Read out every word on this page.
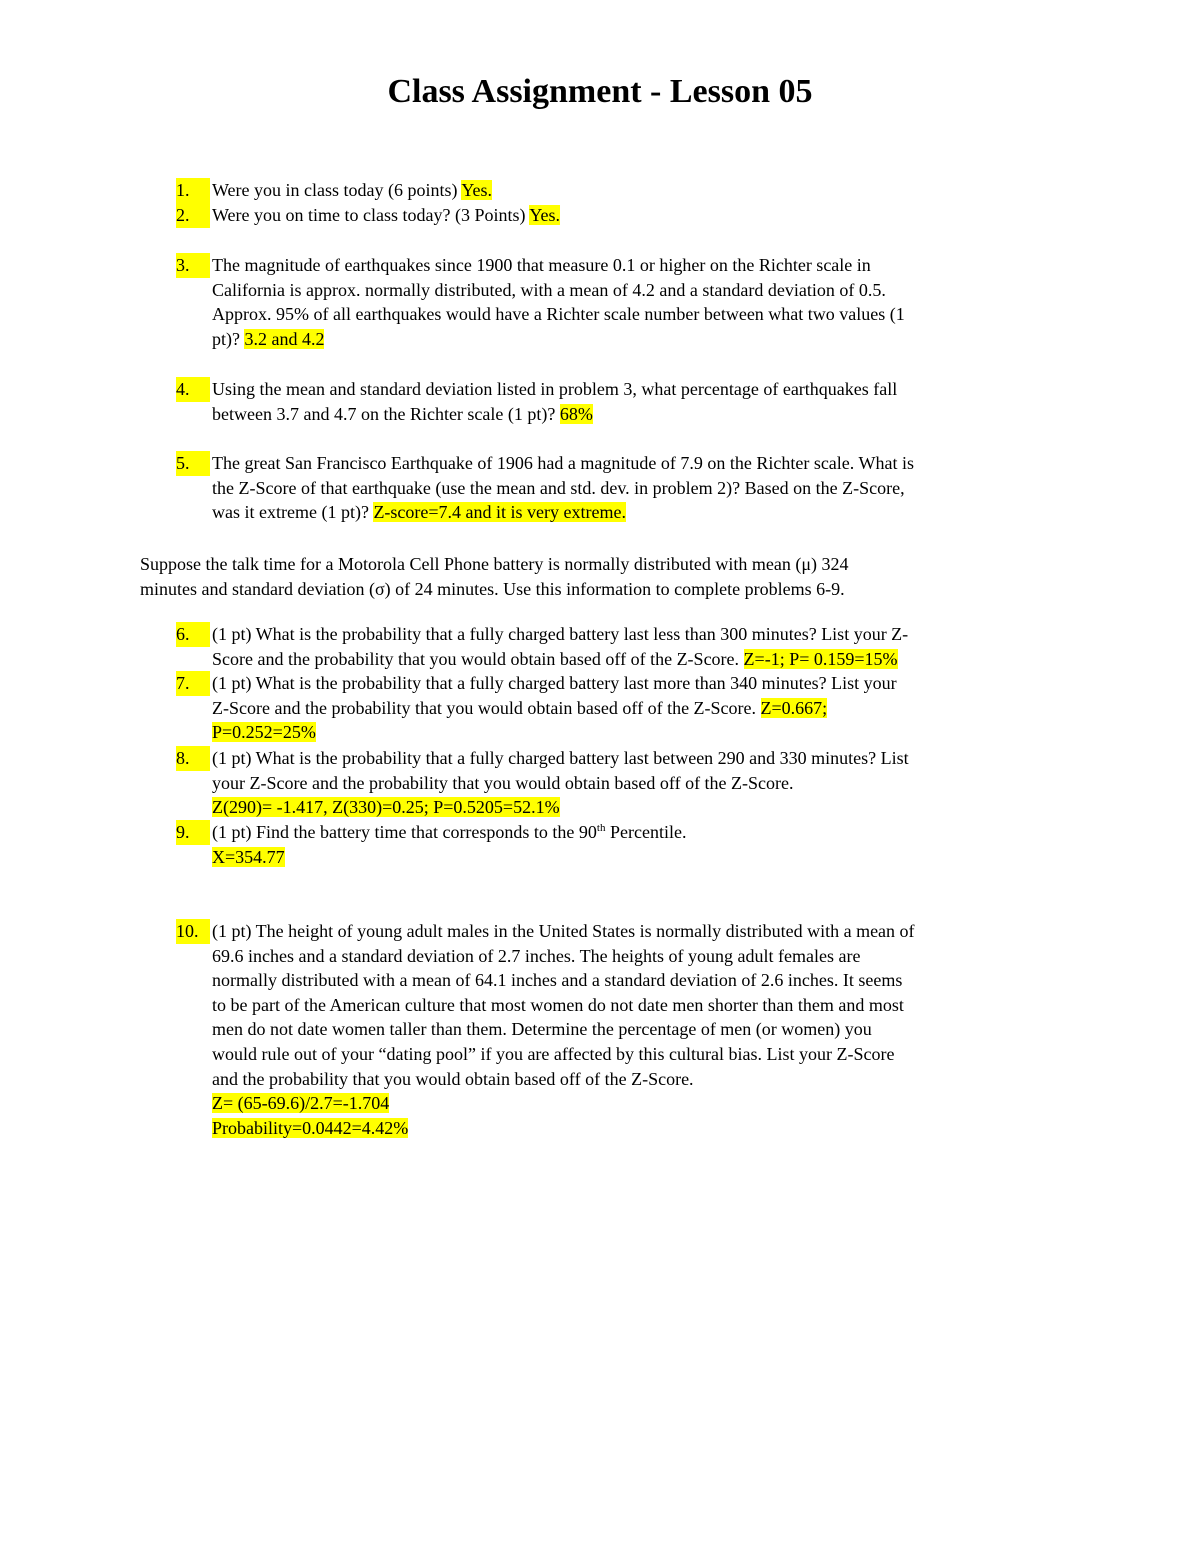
Class Assignment - Lesson 05
1.	Were you in class today (6 points) Yes.
2.	Were you on time to class today? (3 Points) Yes.
3.	The magnitude of earthquakes since 1900 that measure 0.1 or higher on the Richter scale in
California is approx. normally distributed, with a mean of 4.2 and a standard deviation of 0.5.
Approx. 95% of all earthquakes would have a Richter scale number between what two values (1
pt)? 3.2 and 4.2
4.	Using the mean and standard deviation listed in problem 3, what percentage of earthquakes fall
between 3.7 and 4.7 on the Richter scale (1 pt)? 68%
5.	The great San Francisco Earthquake of 1906 had a magnitude of 7.9 on the Richter scale. What is
the Z-Score of that earthquake (use the mean and std. dev. in problem 2)? Based on the Z-Score,
was it extreme (1 pt)? Z-score=7.4 and it is very extreme.
Suppose the talk time for a Motorola Cell Phone battery is normally distributed with mean (μ) 324
minutes and standard deviation (σ) of 24 minutes. Use this information to complete problems 6-9.
6.	(1 pt) What is the probability that a fully charged battery last less than 300 minutes? List your Z-
Score and the probability that you would obtain based off of the Z-Score. Z=-1; P= 0.159=15%
7.	(1 pt) What is the probability that a fully charged battery last more than 340 minutes? List your
Z-Score and the probability that you would obtain based off of the Z-Score. Z=0.667;
P=0.252=25%
8.	(1 pt) What is the probability that a fully charged battery last between 290 and 330 minutes? List
your Z-Score and the probability that you would obtain based off of the Z-Score.
Z(290)= -1.417, Z(330)=0.25; P=0.5205=52.1%
9.	(1 pt) Find the battery time that corresponds to the 90th Percentile.
X=354.77
10. (1 pt) The height of young adult males in the United States is normally distributed with a mean of
69.6 inches and a standard deviation of 2.7 inches. The heights of young adult females are
normally distributed with a mean of 64.1 inches and a standard deviation of 2.6 inches. It seems
to be part of the American culture that most women do not date men shorter than them and most
men do not date women taller than them. Determine the percentage of men (or women) you
would rule out of your “dating pool” if you are affected by this cultural bias. List your Z-Score
and the probability that you would obtain based off of the Z-Score.
Z= (65-69.6)/2.7=-1.704
Probability=0.0442=4.42%
